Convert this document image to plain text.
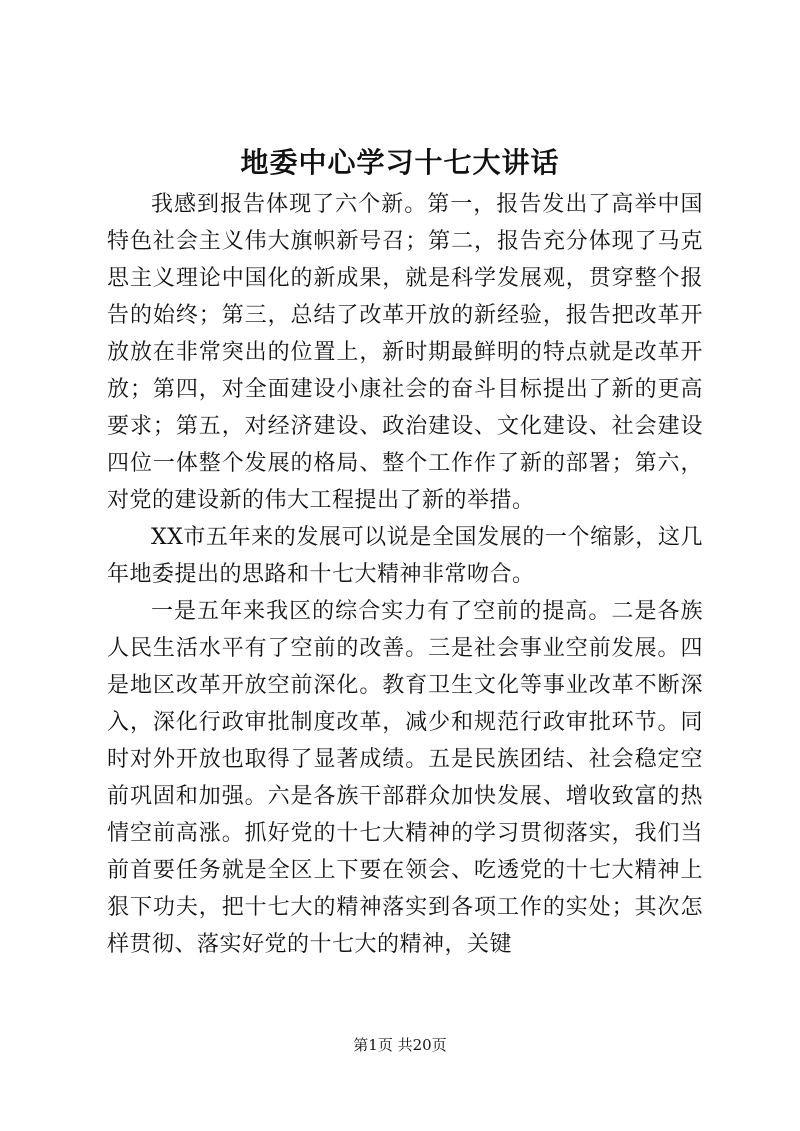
地委中心学习十七大讲话

我感到报告体现了六个新。第一，报告发出了高举中国特色社会主义伟大旗帜新号召；第二，报告充分体现了马克思主义理论中国化的新成果，就是科学发展观，贯穿整个报告的始终；第三，总结了改革开放的新经验，报告把改革开放放在非常突出的位置上，新时期最鲜明的特点就是改革开放；第四，对全面建设小康社会的奋斗目标提出了新的更高要求；第五，对经济建设、政治建设、文化建设、社会建设四位一体整个发展的格局、整个工作作了新的部署；第六，对党的建设新的伟大工程提出了新的举措。

XX市五年来的发展可以说是全国发展的一个缩影，这几年地委提出的思路和十七大精神非常吻合。

一是五年来我区的综合实力有了空前的提高。二是各族人民生活水平有了空前的改善。三是社会事业空前发展。四是地区改革开放空前深化。教育卫生文化等事业改革不断深入，深化行政审批制度改革，减少和规范行政审批环节。同时对外开放也取得了显著成绩。五是民族团结、社会稳定空前巩固和加强。六是各族干部群众加快发展、增收致富的热情空前高涨。抓好党的十七大精神的学习贯彻落实，我们当前首要任务就是全区上下要在领会、吃透党的十七大精神上狠下功夫，把十七大的精神落实到各项工作的实处；其次怎样贯彻、落实好党的十七大的精神，关键

第1页 共20页
